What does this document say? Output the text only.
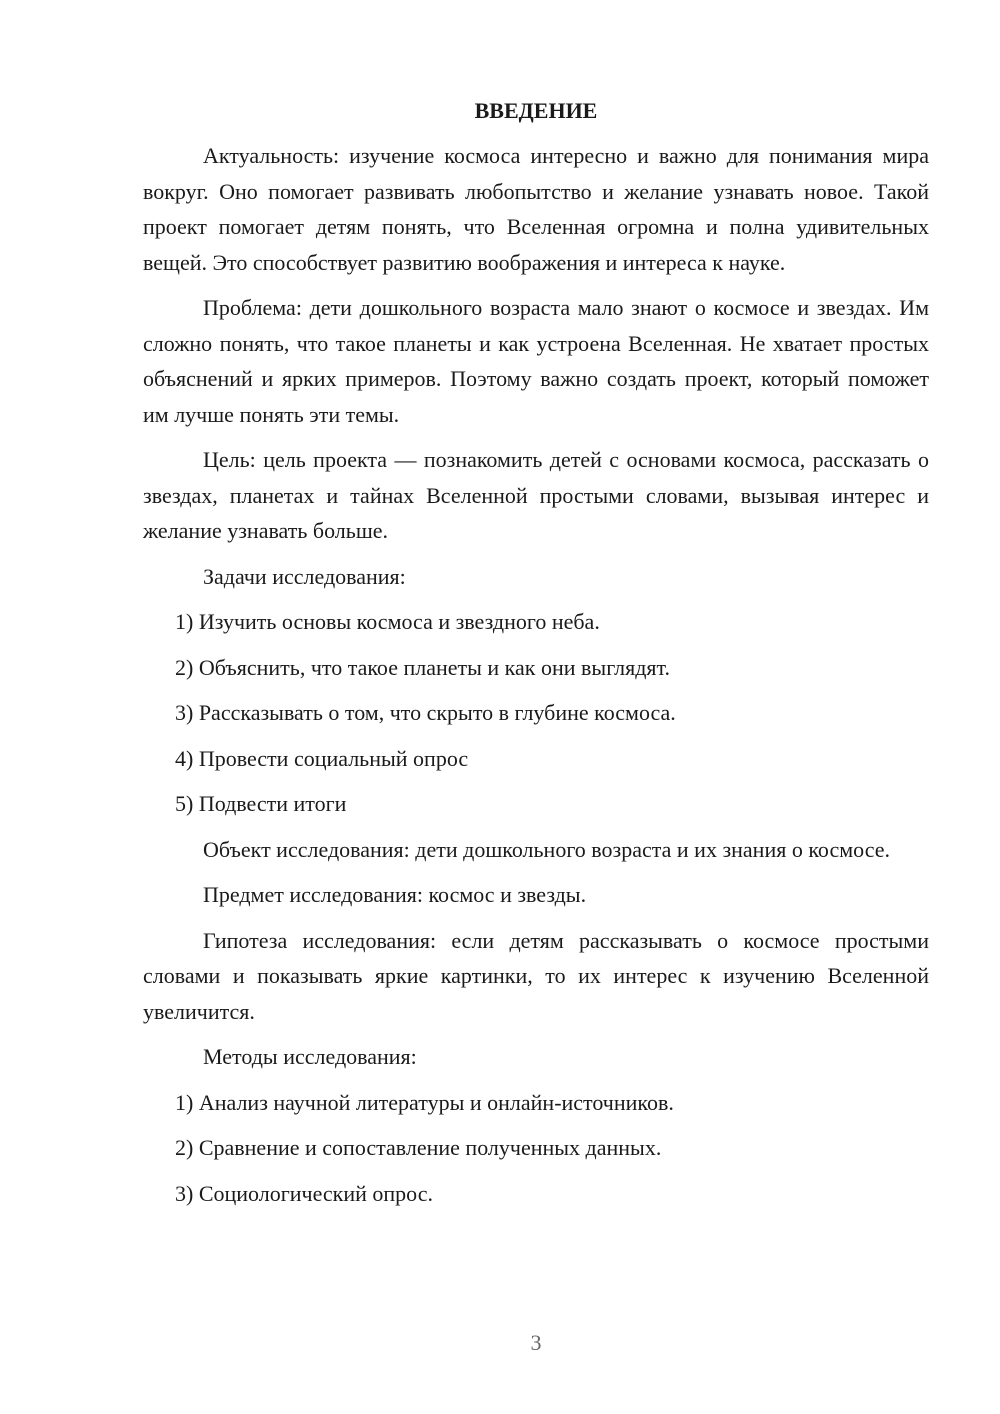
ВВЕДЕНИЕ

Актуальность: изучение космоса интересно и важно для понимания мира вокруг. Оно помогает развивать любопытство и желание узнавать новое. Такой проект помогает детям понять, что Вселенная огромна и полна удивительных вещей. Это способствует развитию воображения и интереса к науке.

Проблема: дети дошкольного возраста мало знают о космосе и звездах. Им сложно понять, что такое планеты и как устроена Вселенная. Не хватает простых объяснений и ярких примеров. Поэтому важно создать проект, который поможет им лучше понять эти темы.

Цель: цель проекта — познакомить детей с основами космоса, рассказать о звездах, планетах и тайнах Вселенной простыми словами, вызывая интерес и желание узнавать больше.

Задачи исследования:

1) Изучить основы космоса и звездного неба.

2) Объяснить, что такое планеты и как они выглядят.

3) Рассказывать о том, что скрыто в глубине космоса.

4) Провести социальный опрос

5) Подвести итоги

Объект исследования: дети дошкольного возраста и их знания о космосе.

Предмет исследования: космос и звезды.

Гипотеза исследования: если детям рассказывать о космосе простыми словами и показывать яркие картинки, то их интерес к изучению Вселенной увеличится.

Методы исследования:

1) Анализ научной литературы и онлайн-источников.

2) Сравнение и сопоставление полученных данных.

3) Социологический опрос.

3
